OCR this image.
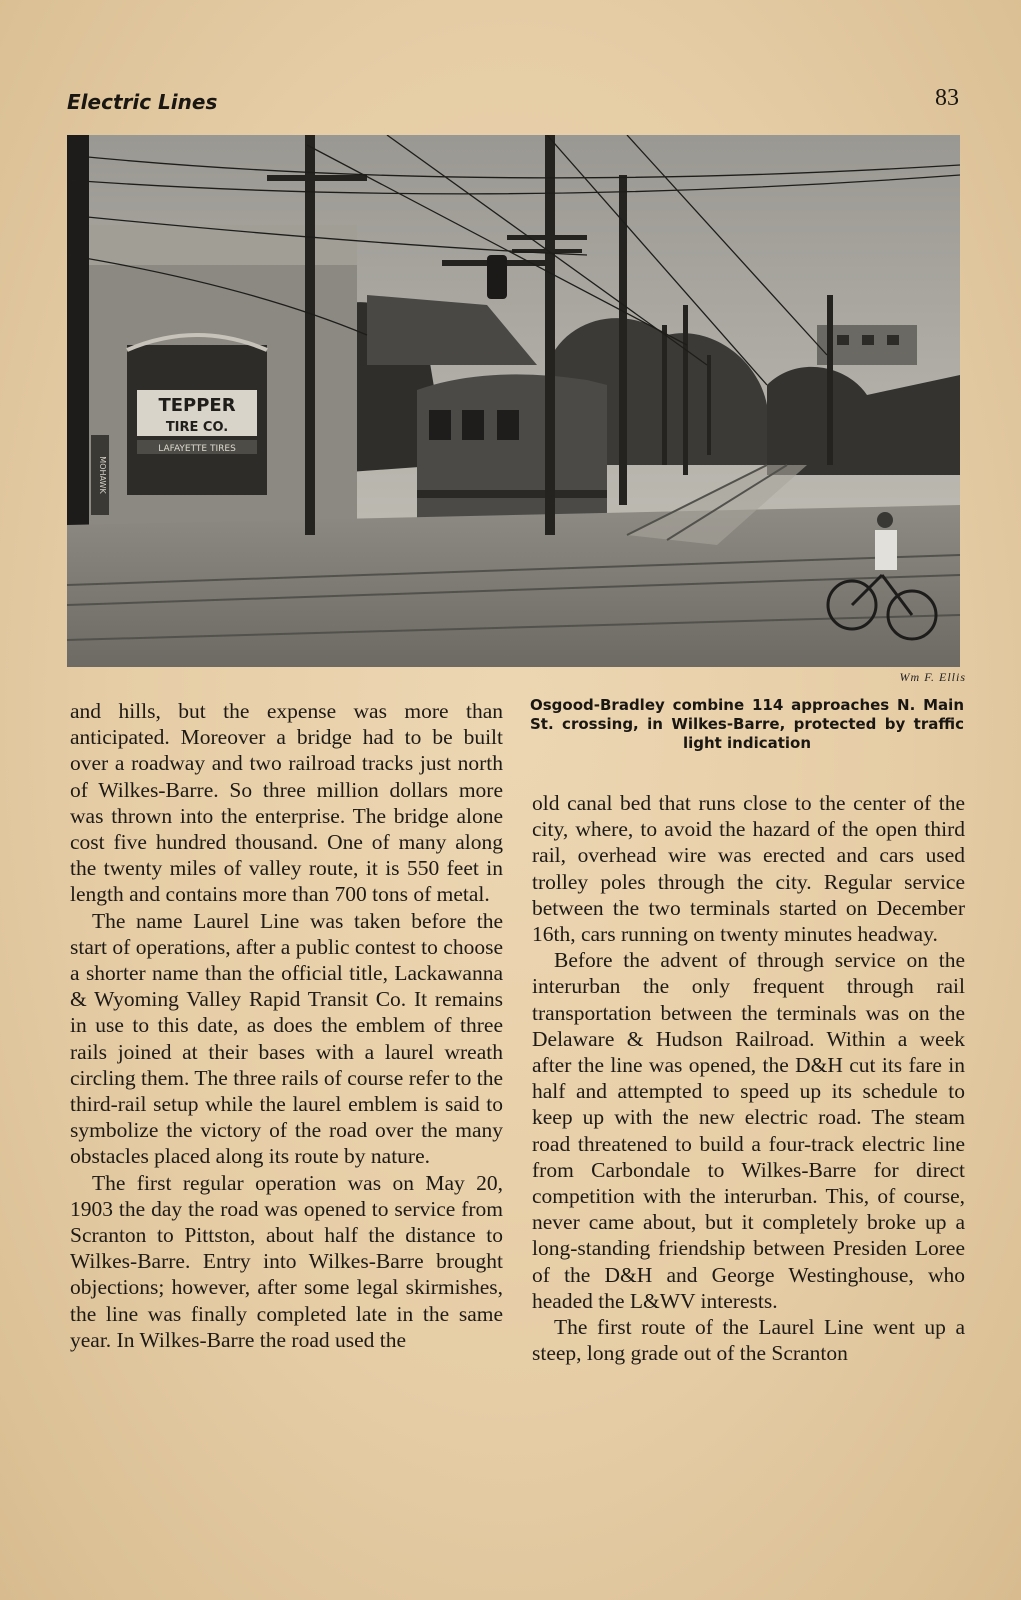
Electric Lines	83
TEPPER
TIRE CO.
LAFAYETTE TIRES
MOHAWK
Wm F. Ellis
Osgood-Bradley combine 114 approaches N. Main St. crossing, in Wilkes-Barre, protected by traffic light indication

and hills, but the expense was more than anticipated. Moreover a bridge had to be built over a roadway and two railroad tracks just north of Wilkes-Barre. So three million dollars more was thrown into the enterprise. The bridge alone cost five hundred thousand. One of many along the twenty miles of valley route, it is 550 feet in length and contains more than 700 tons of metal.

The name Laurel Line was taken before the start of operations, after a public contest to choose a shorter name than the official title, Lackawanna & Wyoming Valley Rapid Transit Co. It remains in use to this date, as does the emblem of three rails joined at their bases with a laurel wreath circling them. The three rails of course refer to the third-rail setup while the laurel emblem is said to symbolize the victory of the road over the many obstacles placed along its route by nature.

The first regular operation was on May 20, 1903 the day the road was opened to service from Scranton to Pittston, about half the distance to Wilkes-Barre. Entry into Wilkes-Barre brought objections; however, after some legal skirmishes, the line was finally completed late in the same year. In Wilkes-Barre the road used the

old canal bed that runs close to the center of the city, where, to avoid the hazard of the open third rail, overhead wire was erected and cars used trolley poles through the city. Regular service between the two terminals started on December 16th, cars running on twenty minutes headway.

Before the advent of through service on the interurban the only frequent through rail transportation between the terminals was on the Delaware & Hudson Railroad. Within a week after the line was opened, the D&H cut its fare in half and attempted to speed up its schedule to keep up with the new electric road. The steam road threatened to build a four-track electric line from Carbondale to Wilkes-Barre for direct competition with the interurban. This, of course, never came about, but it completely broke up a long-standing friendship between Presiden Loree of the D&H and George Westinghouse, who headed the L&WV interests.

The first route of the Laurel Line went up a steep, long grade out of the Scranton
